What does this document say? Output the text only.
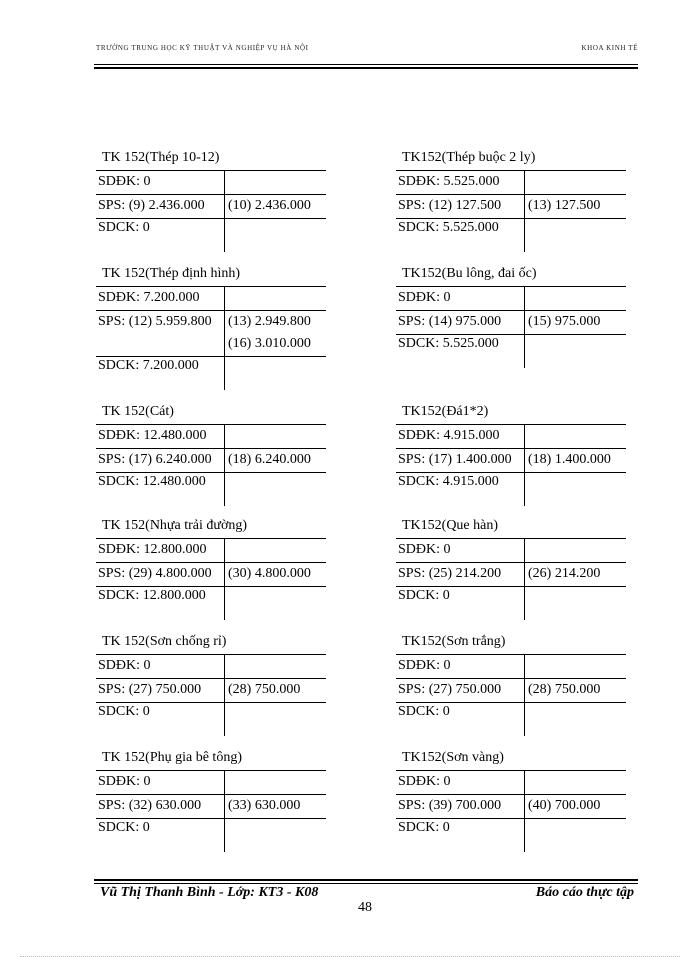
TRƯỜNG TRUNG HỌC KỸ THUẬT VÀ NGHIỆP VỤ HÀ NỘI	KHOA KINH TẾ
TK 152(Thép 10-12)
SDĐK: 0
SPS: (9) 2.436.000 (10) 2.436.000
SDCK: 0
TK152(Thép buộc 2 ly)
SDĐK: 5.525.000
SPS: (12) 127.500 (13) 127.500
SDCK: 5.525.000
TK 152(Thép định hình)
SDĐK: 7.200.000
SPS: (12) 5.959.800 (13) 2.949.800
(16) 3.010.000
SDCK: 7.200.000
TK152(Bu lông, đai ốc)
SDĐK: 0
SPS: (14) 975.000 (15) 975.000
SDCK: 5.525.000
TK 152(Cát)
SDĐK: 12.480.000
SPS: (17) 6.240.000 (18) 6.240.000
SDCK: 12.480.000
TK152(Đá1*2)
SDĐK: 4.915.000
SPS: (17) 1.400.000 (18) 1.400.000
SDCK: 4.915.000
TK 152(Nhựa trải đường)
SDĐK: 12.800.000
SPS: (29) 4.800.000 (30) 4.800.000
SDCK: 12.800.000
TK152(Que hàn)
SDĐK: 0
SPS: (25) 214.200 (26) 214.200
SDCK: 0
TK 152(Sơn chống rỉ)
SDĐK: 0
SPS: (27) 750.000 (28) 750.000
SDCK: 0
TK152(Sơn trắng)
SDĐK: 0
SPS: (27) 750.000 (28) 750.000
SDCK: 0
TK 152(Phụ gia bê tông)
SDĐK: 0
SPS: (32) 630.000 (33) 630.000
SDCK: 0
TK152(Sơn vàng)
SDĐK: 0
SPS: (39) 700.000 (40) 700.000
SDCK: 0
Vũ Thị Thanh Bình - Lớp: KT3 - K08	Báo cáo thực tập
48
